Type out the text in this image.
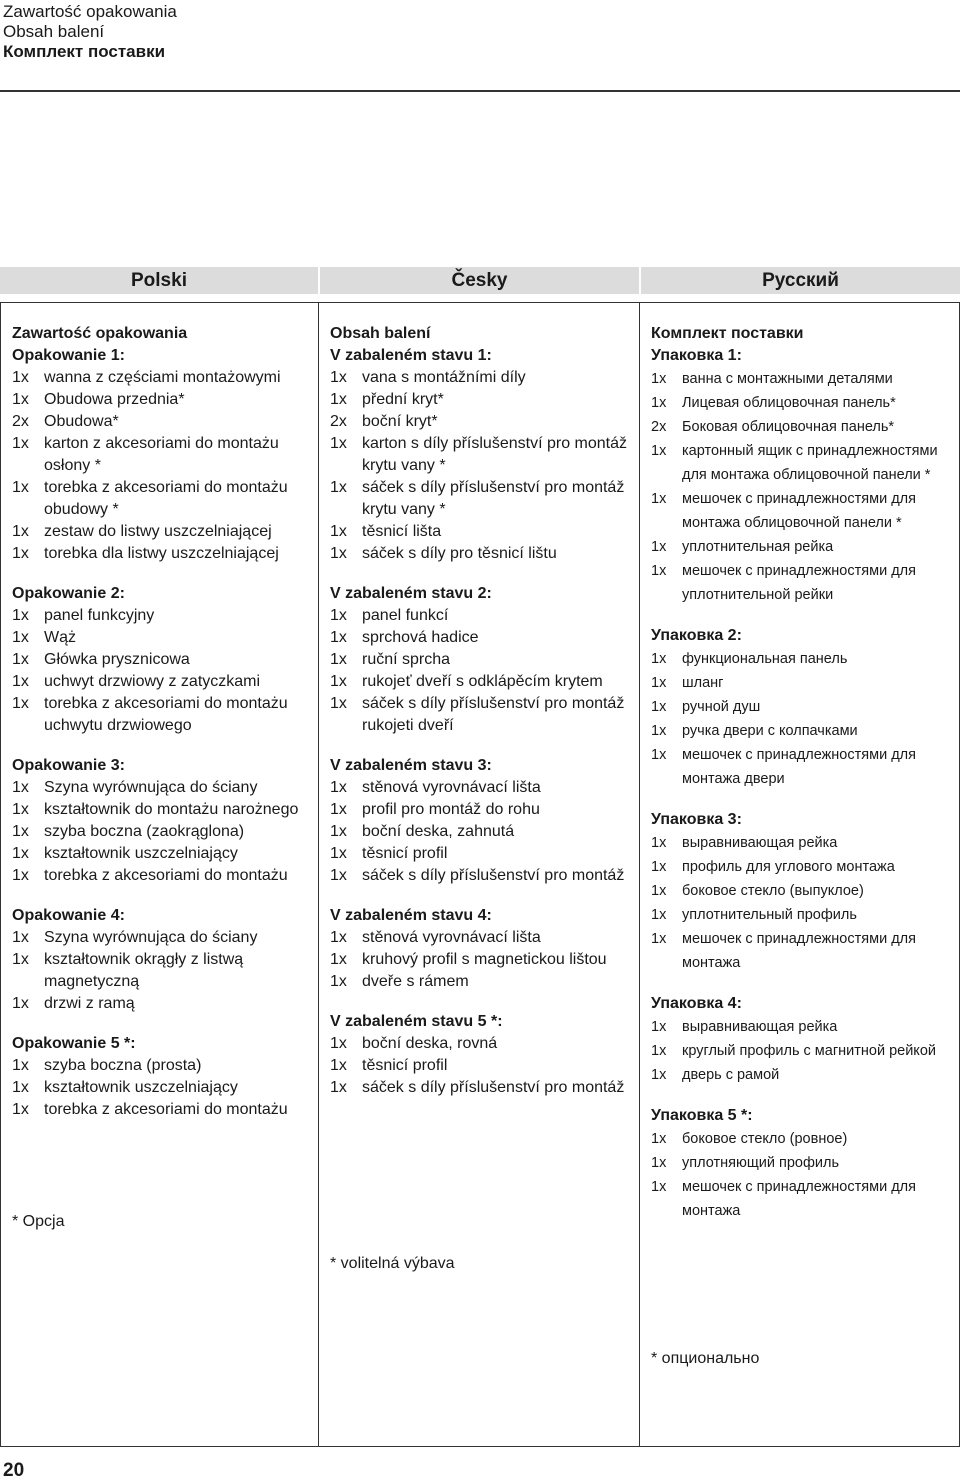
Zawartość opakowania
Obsah balení
Комплект поставки
Polski	Česky	Русский
Zawartość opakowania
Opakowanie 1:
1x wanna z częściami montażowymi
1x Obudowa przednia*
2x Obudowa*
1x karton z akcesoriami do montażu osłony *
1x torebka z akcesoriami do montażu obudowy *
1x zestaw do listwy uszczelniającej
1x torebka dla listwy uszczelniającej
Opakowanie 2:
1x panel funkcyjny
1x Wąż
1x Główka prysznicowa
1x uchwyt drzwiowy z zatyczkami
1x torebka z akcesoriami do montażu uchwytu drzwiowego
Opakowanie 3:
1x Szyna wyrównująca do ściany
1x kształtownik do montażu narożnego
1x szyba boczna (zaokrąglona)
1x kształtownik uszczelniający
1x torebka z akcesoriami do montażu
Opakowanie 4:
1x Szyna wyrównująca do ściany
1x kształtownik okrągły z listwą magnetyczną
1x drzwi z ramą
Opakowanie 5 *:
1x szyba boczna (prosta)
1x kształtownik uszczelniający
1x torebka z akcesoriami do montażu
* Opcja
Obsah balení
V zabaleném stavu 1:
1x vana s montážními díly
1x přední kryt*
2x boční kryt*
1x karton s díly příslušenství pro montáž krytu vany *
1x sáček s díly příslušenství pro montáž krytu vany *
1x těsnicí lišta
1x sáček s díly pro těsnicí lištu
V zabaleném stavu 2:
1x panel funkcí
1x sprchová hadice
1x ruční sprcha
1x rukojeť dveří s odklápěcím krytem
1x sáček s díly příslušenství pro montáž rukojeti dveří
V zabaleném stavu 3:
1x stěnová vyrovnávací lišta
1x profil pro montáž do rohu
1x boční deska, zahnutá
1x těsnicí profil
1x sáček s díly příslušenství pro montáž
V zabaleném stavu 4:
1x stěnová vyrovnávací lišta
1x kruhový profil s magnetickou lištou
1x dveře s rámem
V zabaleném stavu 5 *:
1x boční deska, rovná
1x těsnicí profil
1x sáček s díly příslušenství pro montáž
* volitelná výbava
Комплект поставки
Упаковка 1:
1x	ванна с монтажными деталями
1x	Лицевая облицовочная панель*
2x	Боковая облицовочная панель*
1x	картонный ящик с принадлежностями для монтажа облицовочной панели *
1x	мешочек с принадлежностями для монтажа облицовочной панели *
1x	уплотнительная рейка
1x	мешочек с принадлежностями для уплотнительной рейки
Упаковка 2:
1x	функциональная панель
1x	шланг
1x	ручной душ
1x	ручка двери с колпачками
1x	мешочек с принадлежностями для монтажа двери
Упаковка 3:
1x	выравнивающая рейка
1x	профиль для углового монтажа
1x	боковое стекло (выпуклое)
1x	уплотнительный профиль
1x	мешочек с принадлежностями для монтажа
Упаковка 4:
1x	выравнивающая рейка
1x	круглый профиль с магнитной рейкой
1x	дверь с рамой
Упаковка 5 *:
1x	боковое стекло (ровное)
1x	уплотняющий профиль
1x	мешочек с принадлежностями для монтажа
* опционально
20
